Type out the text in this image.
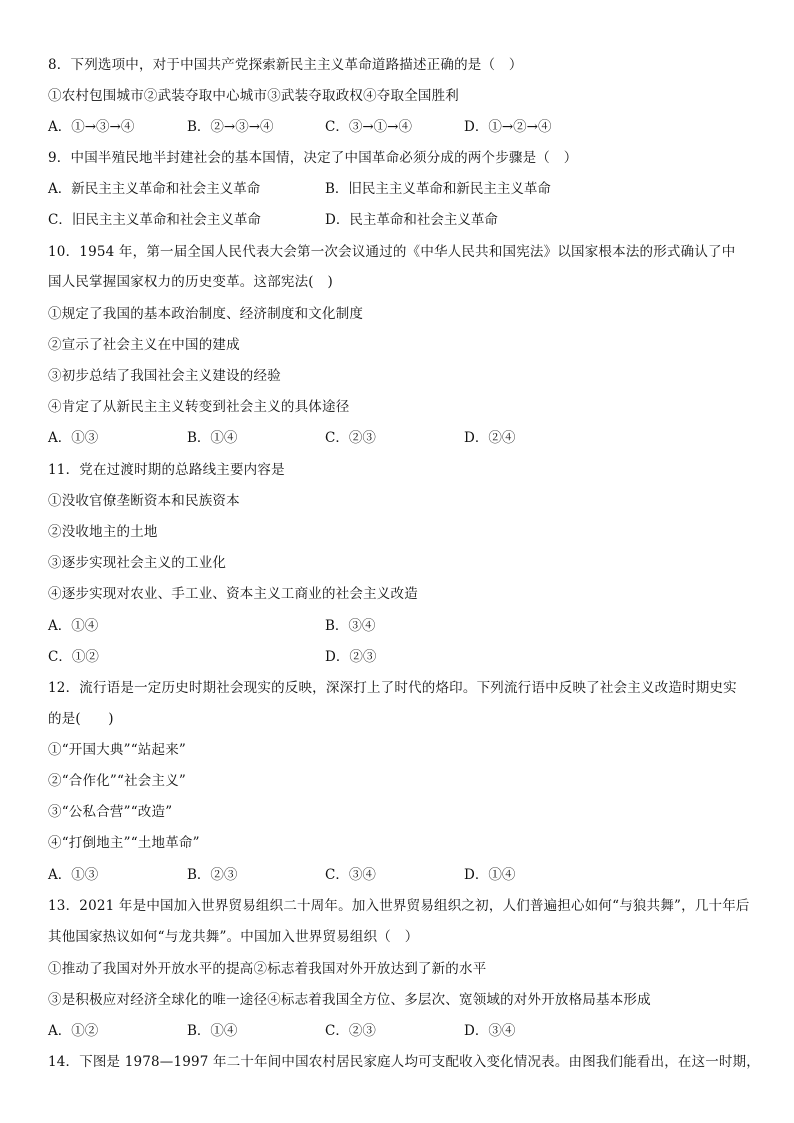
8．下列选项中，对于中国共产党探索新民主主义革命道路描述正确的是（　）
①农村包围城市②武装夺取中心城市③武装夺取政权④夺取全国胜利
A．①→③→④	B．②→③→④	C．③→①→④	D．①→②→④
9．中国半殖民地半封建社会的基本国情，决定了中国革命必须分成的两个步骤是（　）
A．新民主主义革命和社会主义革命	B．旧民主主义革命和新民主主义革命
C．旧民主主义革命和社会主义革命	D．民主革命和社会主义革命
10．1954 年，第一届全国人民代表大会第一次会议通过的《中华人民共和国宪法》以国家根本法的形式确认了中
国人民掌握国家权力的历史变革。这部宪法(　)
①规定了我国的基本政治制度、经济制度和文化制度
②宣示了社会主义在中国的建成
③初步总结了我国社会主义建设的经验
④肯定了从新民主主义转变到社会主义的具体途径
A．①③	B．①④	C．②③	D．②④
11．党在过渡时期的总路线主要内容是
①没收官僚垄断资本和民族资本
②没收地主的土地
③逐步实现社会主义的工业化
④逐步实现对农业、手工业、资本主义工商业的社会主义改造
A．①④	B．③④
C．①②	D．②③
12．流行语是一定历史时期社会现实的反映，深深打上了时代的烙印。下列流行语中反映了社会主义改造时期史实
的是(　　)
①“开国大典”“站起来”
②“合作化”“社会主义”
③“公私合营”“改造”
④“打倒地主”“土地革命”
A．①③	B．②③	C．③④	D．①④
13．2021 年是中国加入世界贸易组织二十周年。加入世界贸易组织之初，人们普遍担心如何“与狼共舞”，几十年后
其他国家热议如何“与龙共舞”。中国加入世界贸易组织（　）
①推动了我国对外开放水平的提高②标志着我国对外开放达到了新的水平
③是积极应对经济全球化的唯一途径④标志着我国全方位、多层次、宽领域的对外开放格局基本形成
A．①②	B．①④	C．②③	D．③④
14．下图是 1978—1997 年二十年间中国农村居民家庭人均可支配收入变化情况表。由图我们能看出，在这一时期，
